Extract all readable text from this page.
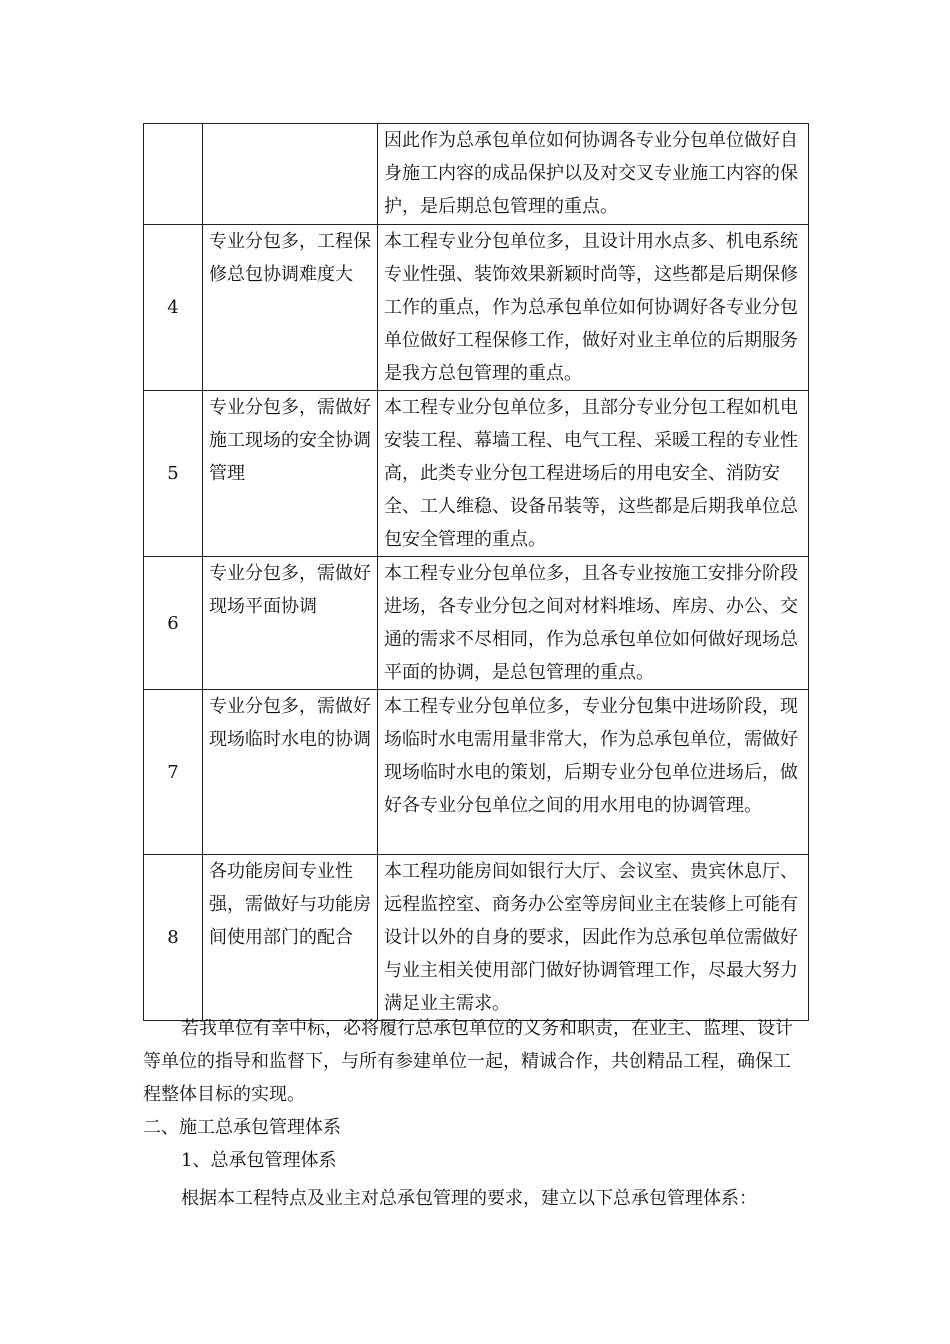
		因此作为总承包单位如何协调各专业分包单位做好自身施工内容的成品保护以及对交叉专业施工内容的保护，是后期总包管理的重点。
4	专业分包多，工程保修总包协调难度大	本工程专业分包单位多，且设计用水点多、机电系统专业性强、装饰效果新颖时尚等，这些都是后期保修工作的重点，作为总承包单位如何协调好各专业分包单位做好工程保修工作，做好对业主单位的后期服务是我方总包管理的重点。
5	专业分包多，需做好施工现场的安全协调管理	本工程专业分包单位多，且部分专业分包工程如机电安装工程、幕墙工程、电气工程、采暖工程的专业性高，此类专业分包工程进场后的用电安全、消防安全、工人维稳、设备吊装等，这些都是后期我单位总包安全管理的重点。
6	专业分包多，需做好现场平面协调	本工程专业分包单位多，且各专业按施工安排分阶段进场，各专业分包之间对材料堆场、库房、办公、交通的需求不尽相同，作为总承包单位如何做好现场总平面的协调，是总包管理的重点。
7	专业分包多，需做好现场临时水电的协调	本工程专业分包单位多，专业分包集中进场阶段，现场临时水电需用量非常大，作为总承包单位，需做好现场临时水电的策划，后期专业分包单位进场后，做好各专业分包单位之间的用水用电的协调管理。
8	各功能房间专业性强，需做好与功能房间使用部门的配合	本工程功能房间如银行大厅、会议室、贵宾休息厅、远程监控室、商务办公室等房间业主在装修上可能有设计以外的自身的要求，因此作为总承包单位需做好与业主相关使用部门做好协调管理工作，尽最大努力满足业主需求。

若我单位有幸中标，必将履行总承包单位的义务和职责，在业主、监理、设计等单位的指导和监督下，与所有参建单位一起，精诚合作，共创精品工程，确保工程整体目标的实现。

二、施工总承包管理体系

1、总承包管理体系

根据本工程特点及业主对总承包管理的要求，建立以下总承包管理体系：
